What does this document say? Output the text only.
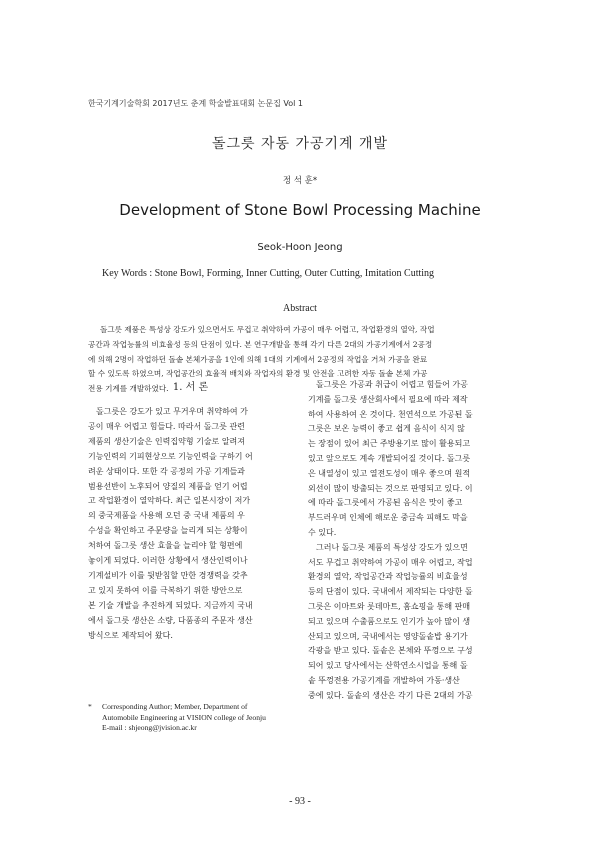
한국기계기술학회 2017년도 춘계 학술발표대회 논문집 Vol 1
돌그릇 자동 가공기계 개발
정 석 훈*
Development of Stone Bowl Processing Machine
Seok-Hoon Jeong
Key Words : Stone Bowl, Forming, Inner Cutting, Outer Cutting, Imitation Cutting
Abstract
돌그릇 제품은 특성상 강도가 있으면서도 무겁고 취약하여 가공이 매우 어렵고, 작업환경의 열악, 작업
공간과 작업능률의 비효율성 등의 단점이 있다. 본 연구개발을 통해 각기 다른 2대의 가공기계에서 2공정
에 의해 2명이 작업하던 돌솥 본체가공을 1인에 의해 1대의 기계에서 2공정의 작업을 거쳐 가공을 완료
할 수 있도록 하였으며, 작업공간의 효율적 배치와 작업자의 환경 및 안전을 고려한 자동 돌솥 본체 가공
전용 기계를 개발하였다. 1. 서 론
돌그릇은 강도가 있고 무거우며 취약하여 가
공이 매우 어렵고 힘들다. 따라서 돌그릇 관련
제품의 생산기술은 인력집약형 기술로 알려져
기능인력의 기피현상으로 기능인력을 구하기 어
려운 상태이다. 또한 각 공정의 가공 기계들과
범용선반이 노후되어 양질의 제품을 얻기 어렵
고 작업환경이 열악하다. 최근 일본시장이 저가
의 중국제품을 사용해 오던 중 국내 제품의 우
수성을 확인하고 주문량을 늘리게 되는 상황이
처하여 돌그릇 생산 효율을 늘리야 할 형편에
놓이게 되었다. 이러한 상황에서 생산인력이나
기계설비가 이를 뒷받침할 만한 경쟁력을 갖추
고 있지 못하여 이를 극복하기 위한 방안으로
본 기술 개발을 추진하게 되었다. 지금까지 국내
에서 돌그릇 생산은 소량, 다품종의 주문자 생산
방식으로 제작되어 왔다.
돌그릇은 가공과 취급이 어렵고 힘들어 가공
기계를 돌그릇 생산회사에서 필요에 따라 제작
하여 사용하여 온 것이다. 천연석으로 가공된 돌
그릇은 보온 능력이 좋고 쉽게 음식이 식지 않
는 장점이 있어 최근 주방용기로 많이 활용되고
있고 앞으로도 계속 개발되어질 것이다. 돌그릇
은 내열성이 있고 열전도성이 매우 좋으며 원적
외선이 많이 방출되는 것으로 판명되고 있다. 이
에 따라 돌그릇에서 가공된 음식은 맛이 좋고
부드러우며 인체에 해로운 중금속 피해도 막을
수 있다.
그러나 돌그릇 제품의 특성상 강도가 있으면
서도 무겁고 취약하여 가공이 매우 어렵고, 작업
환경의 열악, 작업공간과 작업능률의 비효율성
등의 단점이 있다. 국내에서 제작되는 다양한 돌
그릇은 이마트와 롯데마트, 홈쇼핑을 통해 판매
되고 있으며 수출품으로도 인기가 높아 많이 생
산되고 있으며, 국내에서는 영양돌솥밥 용기가
각광을 받고 있다. 돌솥은 본체와 뚜껑으로 구성
되어 있고 당사에서는 산학연소시업을 통해 돌
솥 뚜껑전용 가공기계를 개발하여 가동·생산
중에 있다. 돌솥의 생산은 각기 다른 2대의 가공
* Corresponding Author; Member, Department of
Automobile Engineering at VISION college of Jeonju
E-mail : shjeong@jvision.ac.kr
- 93 -
